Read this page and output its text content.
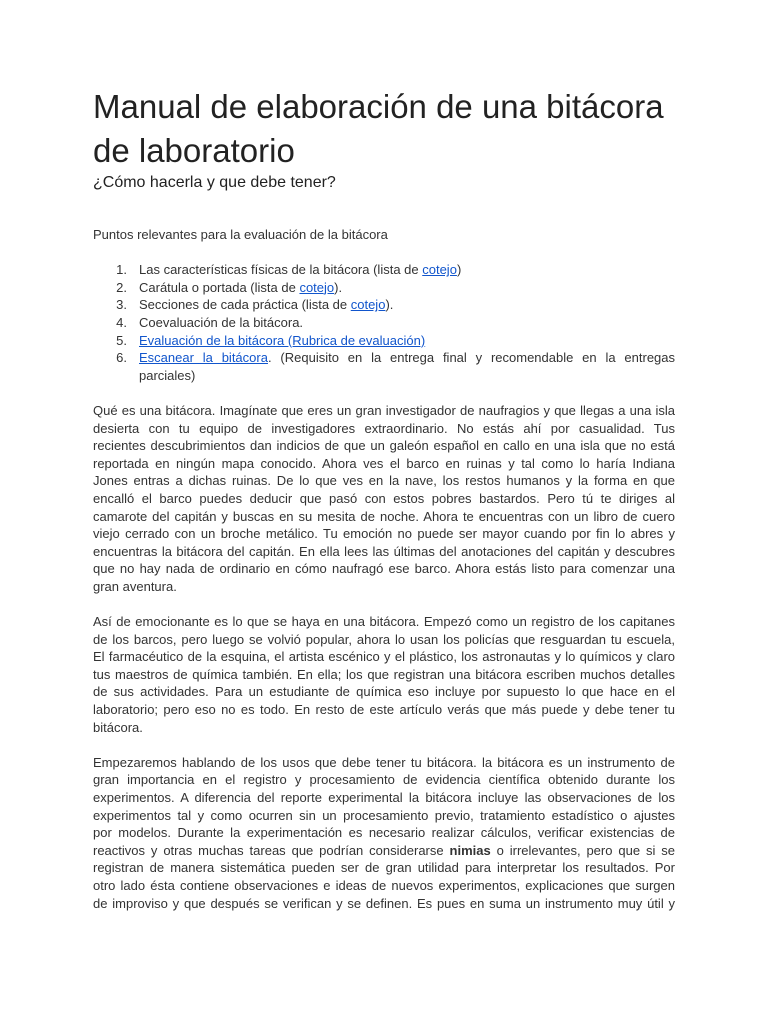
Manual de elaboración de una bitácora de laboratorio

¿Cómo hacerla y que debe tener?

Puntos relevantes para la evaluación de la bitácora
1. Las características físicas de la bitácora (lista de cotejo)
2. Carátula o portada (lista de cotejo).
3. Secciones de cada práctica (lista de cotejo).
4. Coevaluación de la bitácora.
5. Evaluación de la bitácora (Rubrica de evaluación)
6. Escanear la bitácora. (Requisito en la entrega final y recomendable en la entregas
parciales)
Qué es una bitácora. Imagínate que eres un gran investigador de naufragios y que llegas a una isla
desierta con tu equipo de investigadores extraordinario. No estás ahí por casualidad. Tus
recientes descubrimientos dan indicios de que un galeón español en callo en una isla que no está
reportada en ningún mapa conocido. Ahora ves el barco en ruinas y tal como lo haría Indiana
Jones entras a dichas ruinas. De lo que ves en la nave, los restos humanos y la forma en que
encalló el barco puedes deducir que pasó con estos pobres bastardos. Pero tú te diriges al
camarote del capitán y buscas en su mesita de noche. Ahora te encuentras con un libro de cuero
viejo cerrado con un broche metálico. Tu emoción no puede ser mayor cuando por fin lo abres y
encuentras la bitácora del capitán. En ella lees las últimas del anotaciones del capitán y descubres
que no hay nada de ordinario en cómo naufragó ese barco. Ahora estás listo para comenzar una
gran aventura.
Así de emocionante es lo que se haya en una bitácora. Empezó como un registro de los capitanes
de los barcos, pero luego se volvió popular, ahora lo usan los policías que resguardan tu escuela,
El farmacéutico de la esquina, el artista escénico y el plástico, los astronautas y lo químicos y claro
tus maestros de química también. En ella; los que registran una bitácora escriben muchos detalles
de sus actividades. Para un estudiante de química eso incluye por supuesto lo que hace en el
laboratorio; pero eso no es todo. En resto de este artículo verás que más puede y debe tener tu
bitácora.
Empezaremos hablando de los usos que debe tener tu bitácora. la bitácora es un instrumento de
gran importancia en el registro y procesamiento de evidencia científica obtenido durante los
experimentos. A diferencia del reporte experimental la bitácora incluye las observaciones de los
experimentos tal y como ocurren sin un procesamiento previo, tratamiento estadístico o ajustes
por modelos. Durante la experimentación es necesario realizar cálculos, verificar existencias de
reactivos y otras muchas tareas que podrían considerarse nimias o irrelevantes, pero que si se
registran de manera sistemática pueden ser de gran utilidad para interpretar los resultados. Por
otro lado ésta contiene observaciones e ideas de nuevos experimentos, explicaciones que surgen
de improviso y que después se verifican y se definen. Es pues en suma un instrumento muy útil y
